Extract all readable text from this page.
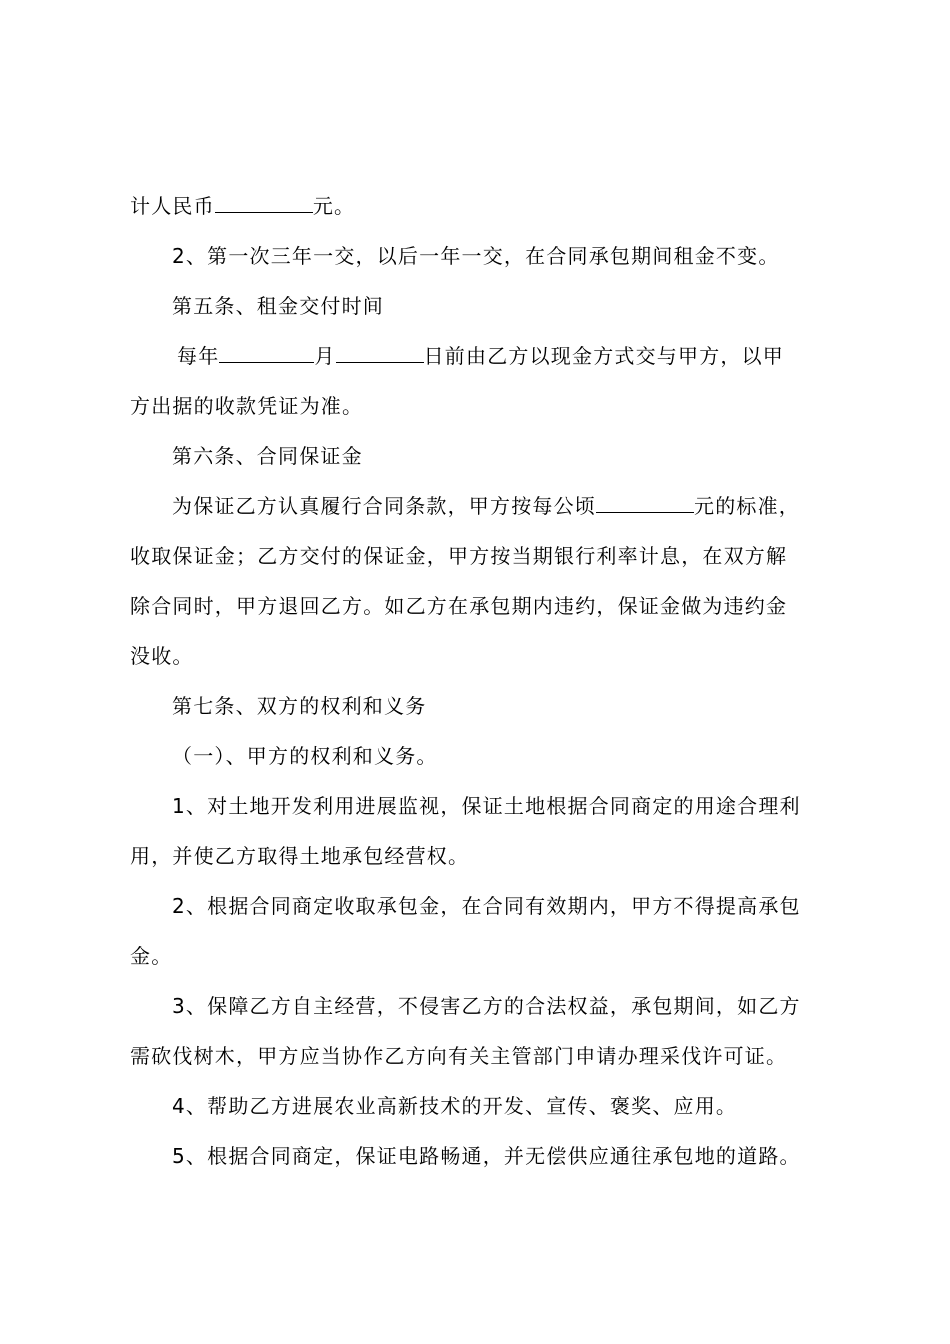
计人民币	元。
2、第一次三年一交，以后一年一交，在合同承包期间租金不变。
第五条、租金交付时间
每年	月	日前由乙方以现金方式交与甲方，以甲
方出据的收款凭证为准。
第六条、合同保证金
为保证乙方认真履行合同条款，甲方按每公顷	元的标准，
收取保证金；乙方交付的保证金，甲方按当期银行利率计息，在双方解
除合同时，甲方退回乙方。如乙方在承包期内违约，保证金做为违约金
没收。
第七条、双方的权利和义务
（一）、甲方的权利和义务。
1、对土地开发利用进展监视，保证土地根据合同商定的用途合理利
用，并使乙方取得土地承包经营权。
2、根据合同商定收取承包金，在合同有效期内，甲方不得提高承包
金。
3、保障乙方自主经营，不侵害乙方的合法权益，承包期间，如乙方
需砍伐树木，甲方应当协作乙方向有关主管部门申请办理采伐许可证。
4、帮助乙方进展农业高新技术的开发、宣传、褒奖、应用。
5、根据合同商定，保证电路畅通，并无偿供应通往承包地的道路。
